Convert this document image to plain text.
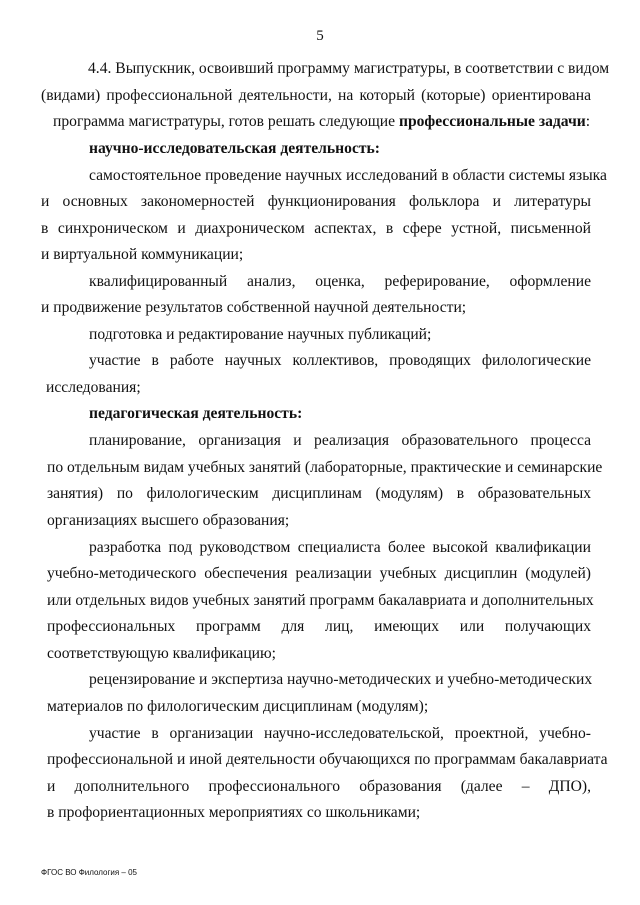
5
4.4. Выпускник, освоивший программу магистратуры, в соответствии с видом
(видами) профессиональной деятельности, на который (которые) ориентирована
программа магистратуры, готов решать следующие профессиональные задачи:
научно-исследовательская деятельность:
самостоятельное проведение научных исследований в области системы языка
и основных закономерностей функционирования фольклора и литературы
в синхроническом и диахроническом аспектах, в сфере устной, письменной
и виртуальной коммуникации;
квалифицированный анализ, оценка, реферирование, оформление
и продвижение результатов собственной научной деятельности;
подготовка и редактирование научных публикаций;
участие в работе научных коллективов, проводящих филологические
исследования;
педагогическая деятельность:
планирование, организация и реализация образовательного процесса
по отдельным видам учебных занятий (лабораторные, практические и семинарские
занятия) по филологическим дисциплинам (модулям) в образовательных
организациях высшего образования;
разработка под руководством специалиста более высокой квалификации
учебно-методического обеспечения реализации учебных дисциплин (модулей)
или отдельных видов учебных занятий программ бакалавриата и дополнительных
профессиональных программ для лиц, имеющих или получающих
соответствующую квалификацию;
рецензирование и экспертиза научно-методических и учебно-методических
материалов по филологическим дисциплинам (модулям);
участие в организации научно-исследовательской, проектной, учебно-
профессиональной и иной деятельности обучающихся по программам бакалавриата
и дополнительного профессионального образования (далее – ДПО),
в профориентационных мероприятиях со школьниками;
ФГОС ВО Филология – 05
